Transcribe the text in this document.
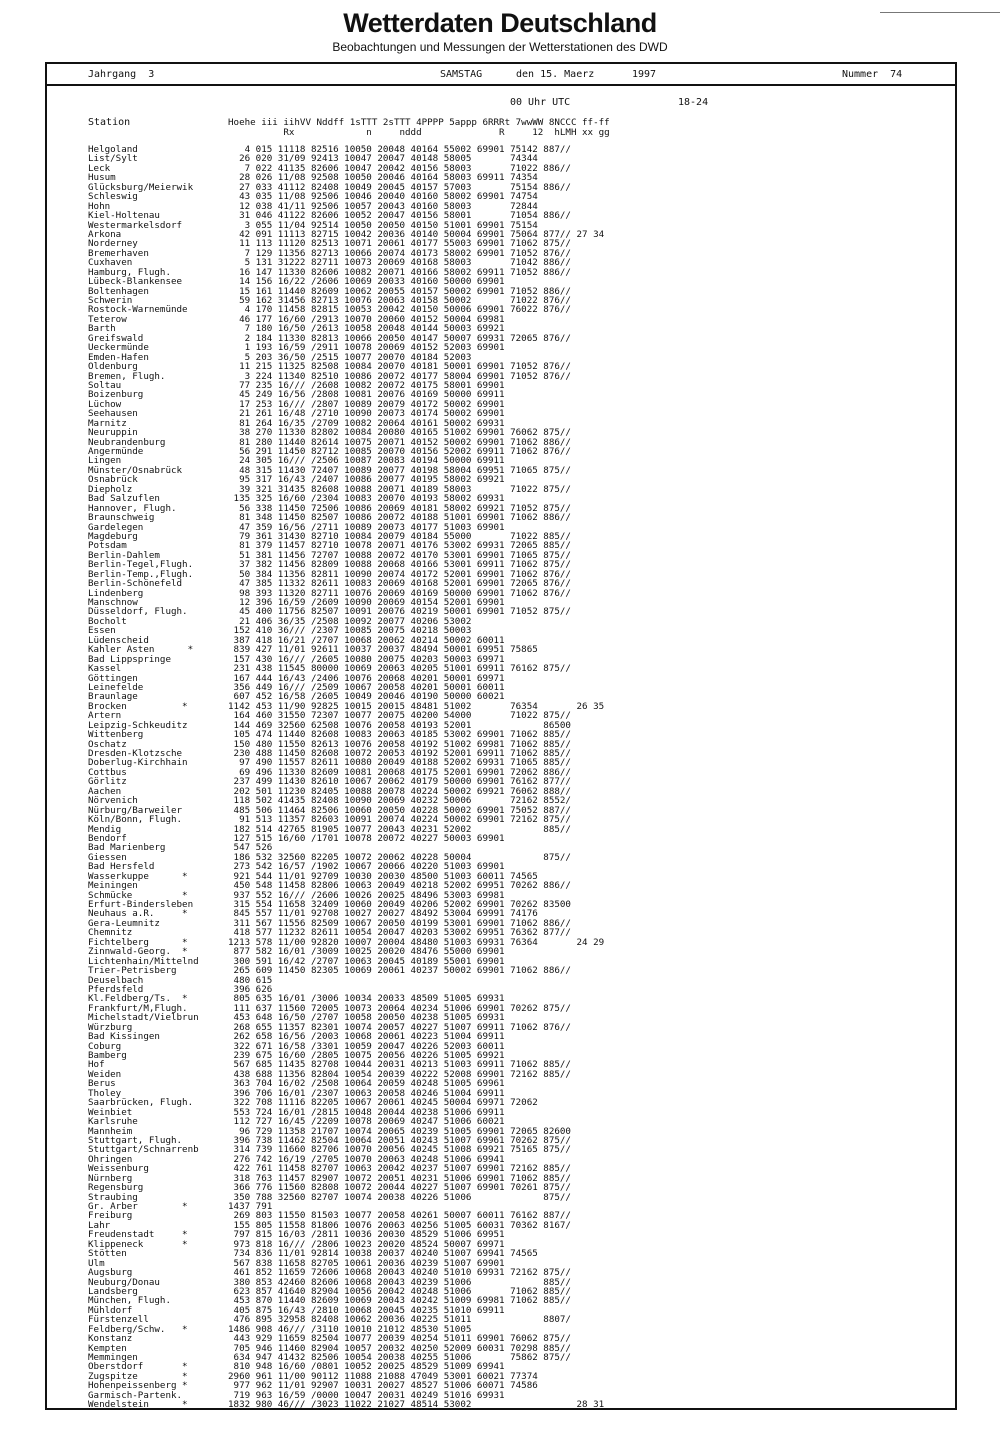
Wetterdaten Deutschland
Beobachtungen und Messungen der Wetterstationen des DWD
Jahrgang  3	SAMSTAG	den 15. Maerz	1997	Nummer  74
00 Uhr UTC	18-24
Station	Hoehe iii iihVV Nddff 1sTTT 2sTTT 4PPPP 5appp 6RRRt 7wwWW 8NCCC ff-ff
Rx             n     nddd              R     12  hLMH xx gg
Helgoland	4 015 11118 82516 10050 20048 40164 55002 69901 75142 887//
List/Sylt	26 020 31/09 92413 10047 20047 40148 58005       74344
Leck	7 022 41135 82606 10047 20042 40156 58003       71022 886//
Husum	28 026 11/08 92508 10050 20046 40164 58003 69911 74354
Glücksburg/Meierwik	27 033 41112 82408 10049 20045 40157 57003       75154 886//
Schleswig	43 035 11/08 92506 10046 20040 40160 58002 69901 74754
Hohn	12 038 41/11 92506 10057 20043 40160 58003       72844
Kiel-Holtenau	31 046 41122 82606 10052 20047 40156 58001       71054 886//
Westermarkelsdorf	3 055 11/04 92514 10050 20050 40150 51001 69901 75154
Arkona	42 091 11113 82715 10042 20036 40140 50004 69901 75064 877// 27 34
Norderney	11 113 11120 82513 10071 20061 40177 55003 69901 71062 875//
Bremerhaven	7 129 11356 82713 10066 20074 40173 58002 69901 71052 876//
Cuxhaven	5 131 31222 82711 10073 20069 40168 58003       71042 886//
Hamburg, Flugh.	16 147 11330 82606 10082 20071 40166 58002 69911 71052 886//
Lübeck-Blankensee	14 156 16/22 /2606 10069 20033 40160 50000 69901
Boltenhagen	15 161 11440 82609 10062 20055 40157 50002 69901 71052 886//
Schwerin	59 162 31456 82713 10076 20063 40158 50002       71022 876//
Rostock-Warnemünde	4 170 11458 82815 10053 20042 40150 50006 69901 76022 876//
Teterow	46 177 16/60 /2913 10070 20060 40152 50004 69981
Barth	7 180 16/50 /2613 10058 20048 40144 50003 69921
Greifswald	2 184 11330 82813 10066 20050 40147 50007 69931 72065 876//
Ueckermünde	1 193 16/59 /2911 10078 20069 40152 52003 69901
Emden-Hafen	5 203 36/50 /2515 10077 20070 40184 52003
Oldenburg	11 215 11325 82508 10084 20070 40181 50001 69901 71052 876//
Bremen, Flugh.	3 224 11340 82510 10086 20072 40177 58004 69901 71052 876//
Soltau	77 235 16/// /2608 10082 20072 40175 58001 69901
Boizenburg	45 249 16/56 /2808 10081 20076 40169 50000 69911
Lüchow	17 253 16/// /2807 10089 20079 40172 50002 69901
Seehausen	21 261 16/48 /2710 10090 20073 40174 50002 69901
Marnitz	81 264 16/35 /2709 10082 20064 40161 50002 69931
Neuruppin	38 270 11330 82802 10084 20080 40165 51002 69901 76062 875//
Neubrandenburg	81 280 11440 82614 10075 20071 40152 50002 69901 71062 886//
Angermünde	56 291 11450 82712 10085 20070 40156 52002 69911 71062 876//
Lingen	24 305 16/// /2506 10087 20083 40194 50000 69911
Münster/Osnabrück	48 315 11430 72407 10089 20077 40198 58004 69951 71065 875//
Osnabrück	95 317 16/43 /2407 10086 20077 40195 58002 69921
Diepholz	39 321 31435 82608 10088 20071 40189 58003       71022 875//
Bad Salzuflen	135 325 16/60 /2304 10083 20070 40193 58002 69931
Hannover, Flugh.	56 338 11450 72506 10086 20069 40181 58002 69921 71052 875//
Braunschweig	81 348 11450 82507 10086 20072 40188 51001 69901 71062 886//
Gardelegen	47 359 16/56 /2711 10089 20073 40177 51003 69901
Magdeburg	79 361 31430 82710 10084 20079 40184 55000       71022 885//
Potsdam	81 379 11457 82710 10078 20071 40176 53002 69931 72065 885//
Berlin-Dahlem	51 381 11456 72707 10088 20072 40170 53001 69901 71065 875//
Berlin-Tegel,Flugh.	37 382 11456 82809 10088 20068 40166 53001 69911 71062 875//
Berlin-Temp.,Flugh.	50 384 11356 82811 10090 20074 40172 52001 69901 71062 876//
Berlin-Schönefeld	47 385 11332 82611 10083 20069 40168 52001 69901 72065 876//
Lindenberg	98 393 11320 82711 10076 20069 40169 50000 69901 71062 876//
Manschnow	12 396 16/59 /2609 10090 20069 40154 52001 69901
Düsseldorf, Flugh.	45 400 11756 82507 10091 20076 40219 50001 69901 71052 875//
Bocholt	21 406 36/35 /2508 10092 20077 40206 53002
Essen	152 410 36/// /2307 10085 20075 40218 50003
Lüdenscheid	387 418 16/21 /2707 10068 20062 40214 50002 60011
Kahler Asten      *	839 427 11/01 92611 10037 20037 48494 50001 69951 75865
Bad Lippspringe	157 430 16/// /2605 10080 20075 40203 50003 69971
Kassel	231 438 11545 80000 10069 20063 40205 51001 69911 76162 875//
Göttingen	167 444 16/43 /2406 10076 20068 40201 50001 69971
Leinefelde	356 449 16/// /2509 10067 20058 40201 50001 60011
Braunlage	607 452 16/58 /2605 10049 20046 40190 50000 60021
Brocken          *	1142 453 11/90 92825 10015 20015 48481 51002       76354       26 35
Artern	164 460 31550 72307 10077 20075 40200 54000       71022 875//
Leipzig-Schkeuditz	144 469 32560 62508 10076 20058 40193 52001             86500
Wittenberg	105 474 11440 82608 10083 20063 40185 53002 69901 71062 885//
Oschatz	150 480 11550 82613 10076 20058 40192 51002 69981 71062 885//
Dresden-Klotzsche	230 488 11450 82608 10072 20053 40192 52001 69911 71062 885//
Doberlug-Kirchhain	97 490 11557 82611 10080 20049 40188 52002 69931 71065 885//
Cottbus	69 496 11330 82609 10081 20068 40175 52001 69901 72062 886//
Görlitz	237 499 11430 82610 10067 20062 40179 50000 69901 76162 877//
Aachen	202 501 11230 82405 10088 20078 40224 50002 69921 76062 888//
Nörvenich	118 502 41435 82408 10090 20069 40232 50006       72162 8552/
Nürburg/Barweiler	485 506 11464 82506 10060 20050 40228 50002 69901 75052 887//
Köln/Bonn, Flugh.	91 513 11357 82603 10091 20074 40224 50002 69901 72162 875//
Mendig	182 514 42765 81905 10077 20043 40231 52002             885//
Bendorf	127 515 16/60 /1701 10078 20072 40227 50003 69901
Bad Marienberg	547 526
Giessen	186 532 32560 82205 10072 20062 40228 50004             875//
Bad Hersfeld	273 542 16/57 /1902 10067 20066 40220 51003 69901
Wasserkuppe      *	921 544 11/01 92709 10030 20030 48500 51003 60011 74565
Meiningen	450 548 11458 82806 10063 20049 40218 52002 69951 70262 886//
Schmücke         *	937 552 16/// /2606 10026 20025 48496 53003 69981
Erfurt-Bindersleben	315 554 11658 32409 10060 20049 40206 52002 69901 70262 83500
Neuhaus a.R.     *	845 557 11/01 92708 10027 20027 48492 53004 69991 74176
Gera-Leumnitz	311 567 11556 82509 10067 20050 40199 53001 69901 71062 886//
Chemnitz	418 577 11232 82611 10054 20047 40203 53002 69951 76362 877//
Fichtelberg      *	1213 578 11/00 92820 10007 20004 48480 51003 69931 76364       24 29
Zinnwald-Georg.  *	877 582 16/01 /3009 10025 20020 48476 55000 69901
Lichtenhain/Mittelnd	300 591 16/42 /2707 10063 20045 40189 55001 69901
Trier-Petrisberg	265 609 11450 82305 10069 20061 40237 50002 69901 71062 886//
Deuselbach	480 615
Pferdsfeld	396 626
Kl.Feldberg/Ts.  *	805 635 16/01 /3006 10034 20033 48509 51005 69931
Frankfurt/M,Flugh.	111 637 11560 72005 10073 20064 40234 51006 69901 70262 875//
Michelstadt/Vielbrun	453 648 16/50 /2707 10058 20050 40238 51005 69931
Würzburg	268 655 11357 82301 10074 20057 40227 51007 69911 71062 876//
Bad Kissingen	262 658 16/56 /2003 10068 20061 40223 51004 69911
Coburg	322 671 16/58 /3301 10059 20047 40226 52003 60011
Bamberg	239 675 16/60 /2805 10075 20056 40226 51005 69921
Hof	567 685 11435 82708 10044 20031 40213 51003 69911 71062 885//
Weiden	438 688 11356 82804 10054 20039 40222 52008 69901 72162 885//
Berus	363 704 16/02 /2508 10064 20059 40248 51005 69961
Tholey	396 706 16/01 /2307 10063 20058 40246 51004 69911
Saarbrücken, Flugh.	322 708 11116 82205 10067 20061 40245 50004 69971 72062
Weinbiet	553 724 16/01 /2815 10048 20044 40238 51006 69911
Karlsruhe	112 727 16/45 /2209 10078 20069 40247 51006 60021
Mannheim	96 729 11358 21707 10074 20065 40239 51005 69901 72065 82600
Stuttgart, Flugh.	396 738 11462 82504 10064 20051 40243 51007 69961 70262 875//
Stuttgart/Schnarrenb	314 739 11660 82706 10070 20056 40245 51008 69921 75165 875//
Öhringen	276 742 16/19 /2705 10070 20063 40248 51006 69941
Weissenburg	422 761 11458 82707 10063 20042 40237 51007 69901 72162 885//
Nürnberg	318 763 11457 82907 10072 20051 40231 51006 69901 71062 885//
Regensburg	366 776 11560 82808 10072 20044 40227 51007 69901 70261 875//
Straubing	350 788 32560 82707 10074 20038 40226 51006             875//
Gr. Arber        *	1437 791
Freiburg	269 803 11550 81503 10077 20058 40261 50007 60011 76162 887//
Lahr	155 805 11558 81806 10076 20063 40256 51005 60031 70362 8167/
Freudenstadt     *	797 815 16/03 /2811 10036 20030 48529 51006 69951
Klippeneck       *	973 818 16/// /2806 10023 20020 48524 50007 69971
Stötten	734 836 11/01 92814 10038 20037 40240 51007 69941 74565
Ulm	567 838 11658 82705 10061 20036 40239 51007 69901
Augsburg	461 852 11659 72606 10068 20043 40240 51010 69931 72162 875//
Neuburg/Donau	380 853 42460 82606 10068 20043 40239 51006             885//
Landsberg	623 857 41640 82904 10056 20042 40248 51006       71062 885//
München, Flugh.	453 870 11440 82609 10069 20043 40242 51009 69981 71062 885//
Mühldorf	405 875 16/43 /2810 10068 20045 40235 51010 69911
Fürstenzell	476 895 32958 82408 10062 20036 40225 51011             8807/
Feldberg/Schw.   *	1486 908 46/// /3110 10010 21012 48530 51005
Konstanz	443 929 11659 82504 10077 20039 40254 51011 69901 76062 875//
Kempten	705 946 11460 82904 10057 20032 40250 52009 60031 70298 885//
Memmingen	634 947 41432 82506 10054 20038 40255 51006       75862 875//
Oberstdorf       *	810 948 16/60 /0801 10052 20025 48529 51009 69941
Zugspitze        *	2960 961 11/00 90112 11088 21088 47049 53001 60021 77374
Hohenpeissenberg *	977 962 11/01 92907 10031 20027 48527 51006 60071 74586
Garmisch-Partenk.	719 963 16/59 /0000 10047 20031 40249 51016 69931
Wendelstein      *	1832 980 46/// /3023 11022 21027 48514 53002                   28 31
